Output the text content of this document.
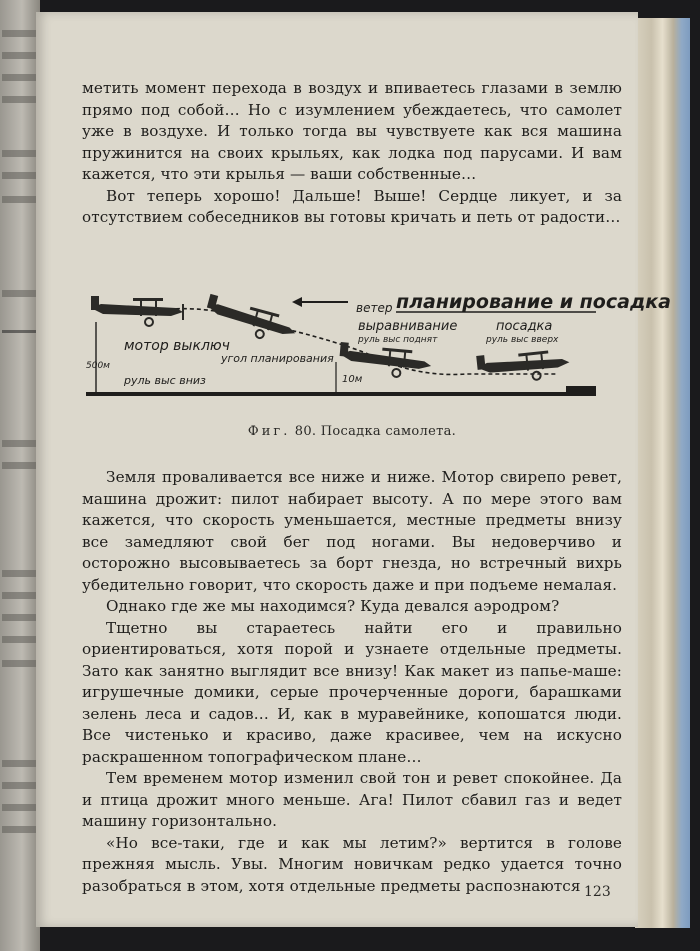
метить момент перехода в воздух и впиваетесь глазами в землю прямо под собой… Но с изумлением убеждаетесь, что самолет уже в воздухе. И только тогда вы чувствуете как вся машина пружинится на своих крыльях, как лодка под парусами. И вам кажется, что эти крылья — ваши собственные…

Вот теперь хорошо! Дальше! Выше! Сердце ликует, и за отсутствием собеседников вы готовы кричать и петь от радости…

ветер планирование и посадка
мотор выключ
500м
руль выс вниз
угол планирования
выравнивание
руль выс поднят
10м
посадка
руль выс вверх
Фиг. 80. Посадка самолета.

Земля проваливается все ниже и ниже. Мотор свирепо ревет, машина дрожит: пилот набирает высоту. А по мере этого вам кажется, что скорость уменьшается, местные предметы внизу все замедляют свой бег под ногами. Вы недоверчиво и осторожно высовываетесь за борт гнезда, но встречный вихрь убедительно говорит, что скорость даже и при подъеме немалая.

Однако где же мы находимся? Куда девался аэродром?

Тщетно вы стараетесь найти его и правильно ориентироваться, хотя порой и узнаете отдельные предметы. Зато как занятно выглядит все внизу! Как макет из папье-маше: игрушечные домики, серые прочерченные дороги, барашками зелень леса и садов… И, как в муравейнике, копошатся люди. Все чистенько и красиво, даже красивее, чем на искусно раскрашенном топографическом плане…

Тем временем мотор изменил свой тон и ревет спокойнее. Да и птица дрожит много меньше. Ага! Пилот сбавил газ и ведет машину горизонтально.

«Но все-таки, где и как мы летим?» вертится в голове прежняя мысль. Увы. Многим новичкам редко удается точно разобраться в этом, хотя отдельные предметы распознаются 123
